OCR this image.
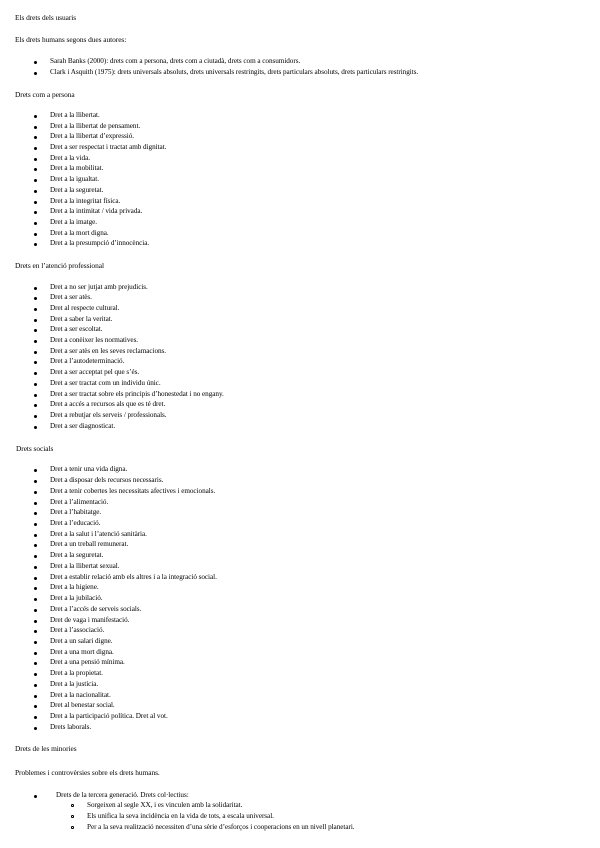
Els drets dels usuaris
Els drets humans segons dues autores:
Sarah Banks (2000): drets com a persona, drets com a ciutadà, drets com a consumidors.
Clark i Asquith (1975): drets universals absoluts, drets universals restringits, drets particulars absoluts, drets particulars restringits.
Drets com a persona
Dret a la llibertat.
Dret a la llibertat de pensament.
Dret a la llibertat d’expressió.
Dret a ser respectat i tractat amb dignitat.
Dret a la vida.
Dret a la mobilitat.
Dret a la igualtat.
Dret a la seguretat.
Dret a la integritat física.
Dret a la intimitat / vida privada.
Dret a la imatge.
Dret a la mort digna.
Dret a la presumpció d’innocència.
Drets en l’atenció professional
Dret a no ser jutjat amb prejudicis.
Dret a ser atès.
Dret al respecte cultural.
Dret a saber la veritat.
Dret a ser escoltat.
Dret a conèixer les normatives.
Dret a ser atès en les seves reclamacions.
Dret a l’autodeterminació.
Dret a ser acceptat pel que s’és.
Dret a ser tractat com un individu únic.
Dret a ser tractat sobre els principis d’honestedat i no engany.
Dret a accés a recursos als que es té dret.
Dret a rebutjar els serveis / professionals.
Dret a ser diagnosticat.
Drets socials
Dret a tenir una vida digna.
Dret a disposar dels recursos necessaris.
Dret a tenir cobertes les necessitats afectives i emocionals.
Dret a l’alimentació.
Dret a l’habitatge.
Dret a l’educació.
Dret a la salut i l’atenció sanitària.
Dret a un treball remunerat.
Dret a la seguretat.
Dret a la llibertat sexual.
Dret a establir relació amb els altres i a la integració social.
Dret a la higiene.
Dret a la jubilació.
Dret a l’accés de serveis socials.
Dret de vaga i manifestació.
Dret a l’associació.
Dret a un salari digne.
Dret a una mort digna.
Dret a una pensió mínima.
Dret a la propietat.
Dret a la justícia.
Dret a la nacionalitat.
Dret al benestar social.
Dret a la participació política. Dret al vot.
Drets laborals.
Drets de les minories
Problemes i controvèrsies sobre els drets humans.
Drets de la tercera generació. Drets col·lectius:
Sorgeixen al segle XX, i es vinculen amb la solidaritat.
Els unifica la seva incidència en la vida de tots, a escala universal.
Per a la seva realització necessiten d’una sèrie d’esforços i cooperacions en un nivell planetari.
